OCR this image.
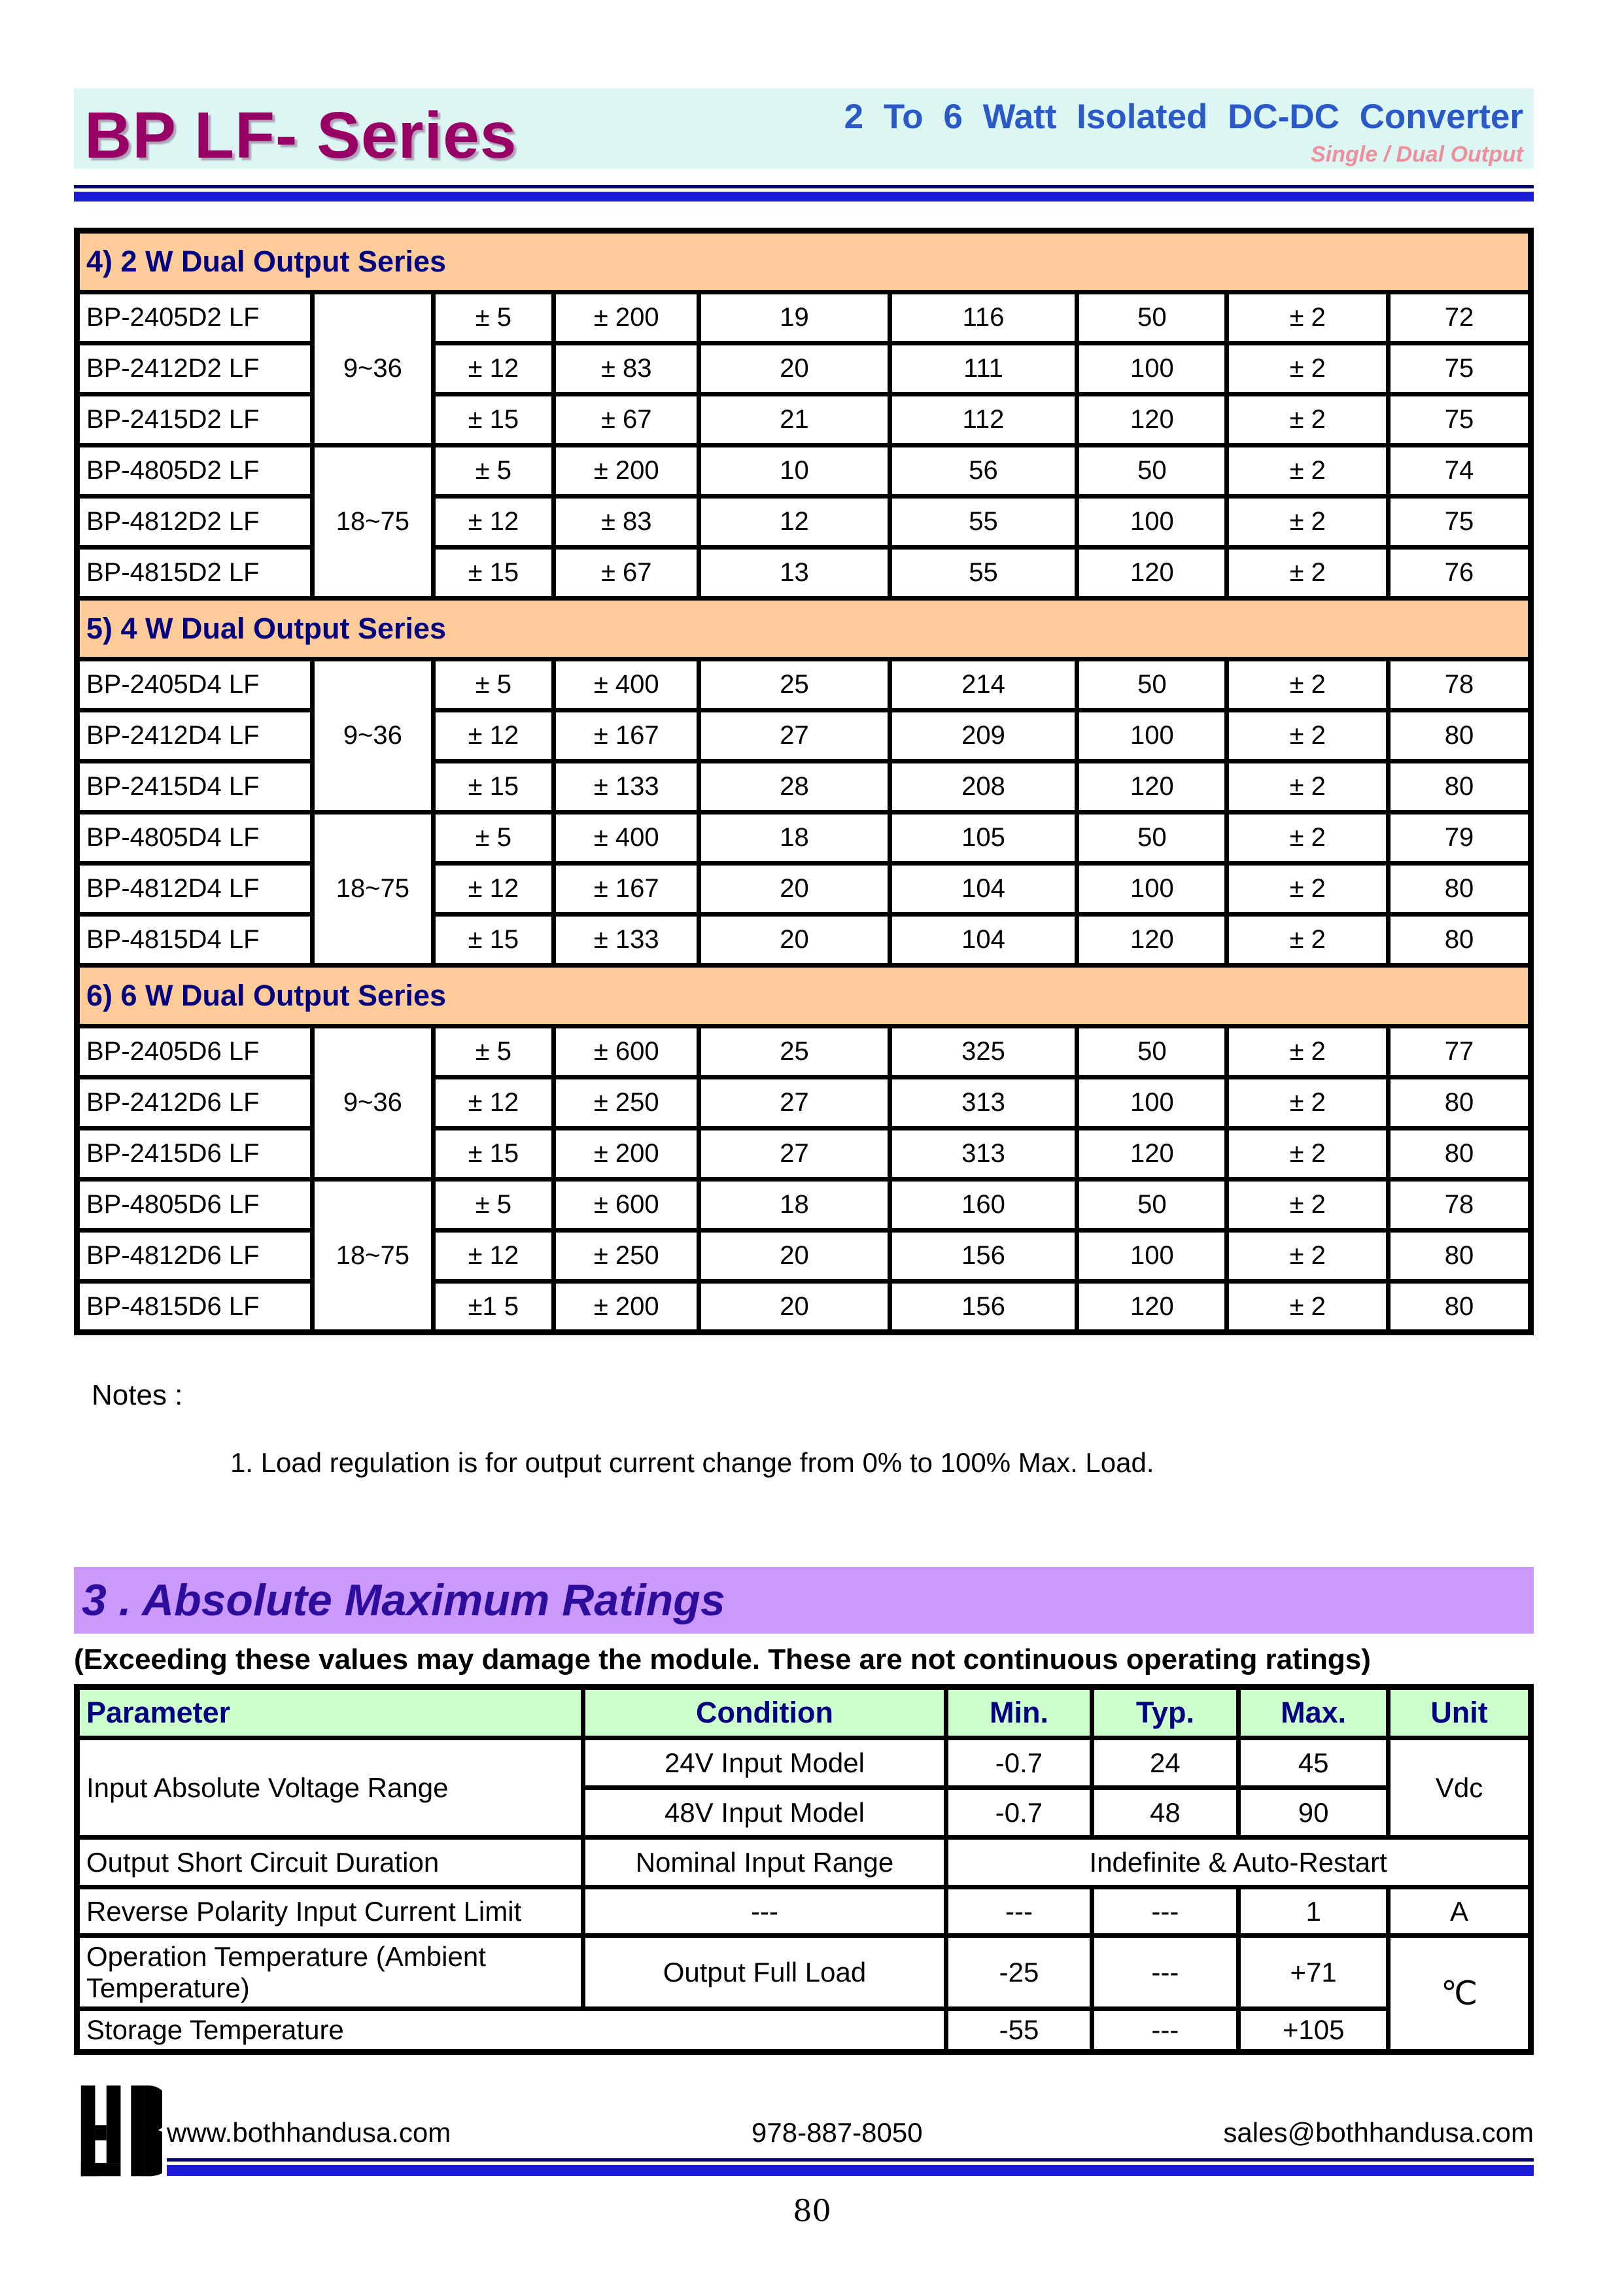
BP LF- Series	2 To 6 Watt Isolated DC-DC Converter
Single / Dual Output
4) 2 W Dual Output Series								
BP-2405D2 LF	9~36	± 5	± 200	19	116	50	± 2	72
BP-2412D2 LF		± 12	± 83	20	111	100	± 2	75
BP-2415D2 LF		± 15	± 67	21	112	120	± 2	75
BP-4805D2 LF	18~75	± 5	± 200	10	56	50	± 2	74
BP-4812D2 LF		± 12	± 83	12	55	100	± 2	75
BP-4815D2 LF		± 15	± 67	13	55	120	± 2	76
5) 4 W Dual Output Series								
BP-2405D4 LF	9~36	± 5	± 400	25	214	50	± 2	78
BP-2412D4 LF		± 12	± 167	27	209	100	± 2	80
BP-2415D4 LF		± 15	± 133	28	208	120	± 2	80
BP-4805D4 LF	18~75	± 5	± 400	18	105	50	± 2	79
BP-4812D4 LF		± 12	± 167	20	104	100	± 2	80
BP-4815D4 LF		± 15	± 133	20	104	120	± 2	80
6) 6 W Dual Output Series								
BP-2405D6 LF	9~36	± 5	± 600	25	325	50	± 2	77
BP-2412D6 LF		± 12	± 250	27	313	100	± 2	80
BP-2415D6 LF		± 15	± 200	27	313	120	± 2	80
BP-4805D6 LF	18~75	± 5	± 600	18	160	50	± 2	78
BP-4812D6 LF		± 12	± 250	20	156	100	± 2	80
BP-4815D6 LF		±1 5	± 200	20	156	120	± 2	80
Notes :
1. Load regulation is for output current change from 0% to 100% Max. Load.
3 . Absolute Maximum Ratings
(Exceeding these values may damage the module. These are not continuous operating ratings)
Parameter	Condition	Min.	Typ.	Max.	Unit
Input Absolute Voltage Range	24V Input Model	-0.7	24	45	Vdc
	48V Input Model	-0.7	48	90	
Output Short Circuit Duration	Nominal Input Range	Indefinite & Auto-Restart			
Reverse Polarity Input Current Limit	---	---	---	1	A
Operation Temperature (Ambient Temperature)	Output Full Load	-25	---	+71	℃
Storage Temperature		-55	---	+105	
www.bothhandusa.com	978-887-8050	sales@bothhandusa.com
80
